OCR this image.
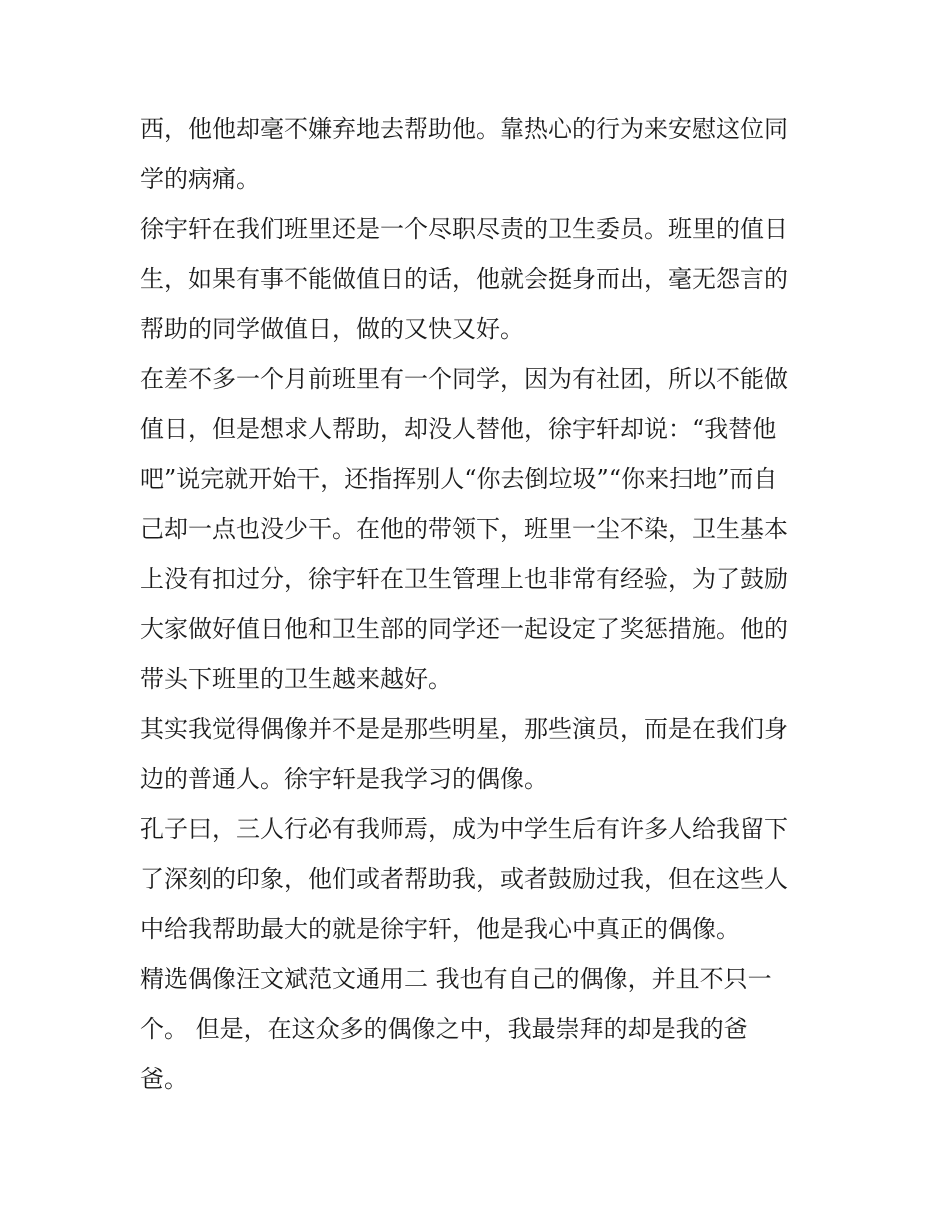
西，他他却毫不嫌弃地去帮助他。靠热心的行为来安慰这位同
学的病痛。
徐宇轩在我们班里还是一个尽职尽责的卫生委员。班里的值日
生，如果有事不能做值日的话，他就会挺身而出，毫无怨言的
帮助的同学做值日，做的又快又好。
在差不多一个月前班里有一个同学，因为有社团，所以不能做
值日，但是想求人帮助，却没人替他，徐宇轩却说：“我替他
吧”说完就开始干，还指挥别人“你去倒垃圾”“你来扫地”而自
己却一点也没少干。在他的带领下，班里一尘不染，卫生基本
上没有扣过分，徐宇轩在卫生管理上也非常有经验，为了鼓励
大家做好值日他和卫生部的同学还一起设定了奖惩措施。他的
带头下班里的卫生越来越好。
其实我觉得偶像并不是是那些明星，那些演员，而是在我们身
边的普通人。徐宇轩是我学习的偶像。
孔子曰，三人行必有我师焉，成为中学生后有许多人给我留下
了深刻的印象，他们或者帮助我，或者鼓励过我，但在这些人
中给我帮助最大的就是徐宇轩，他是我心中真正的偶像。
精选偶像汪文斌范文通用二 我也有自己的偶像，并且不只一
个。 但是，在这众多的偶像之中，我最崇拜的却是我的爸
爸。
